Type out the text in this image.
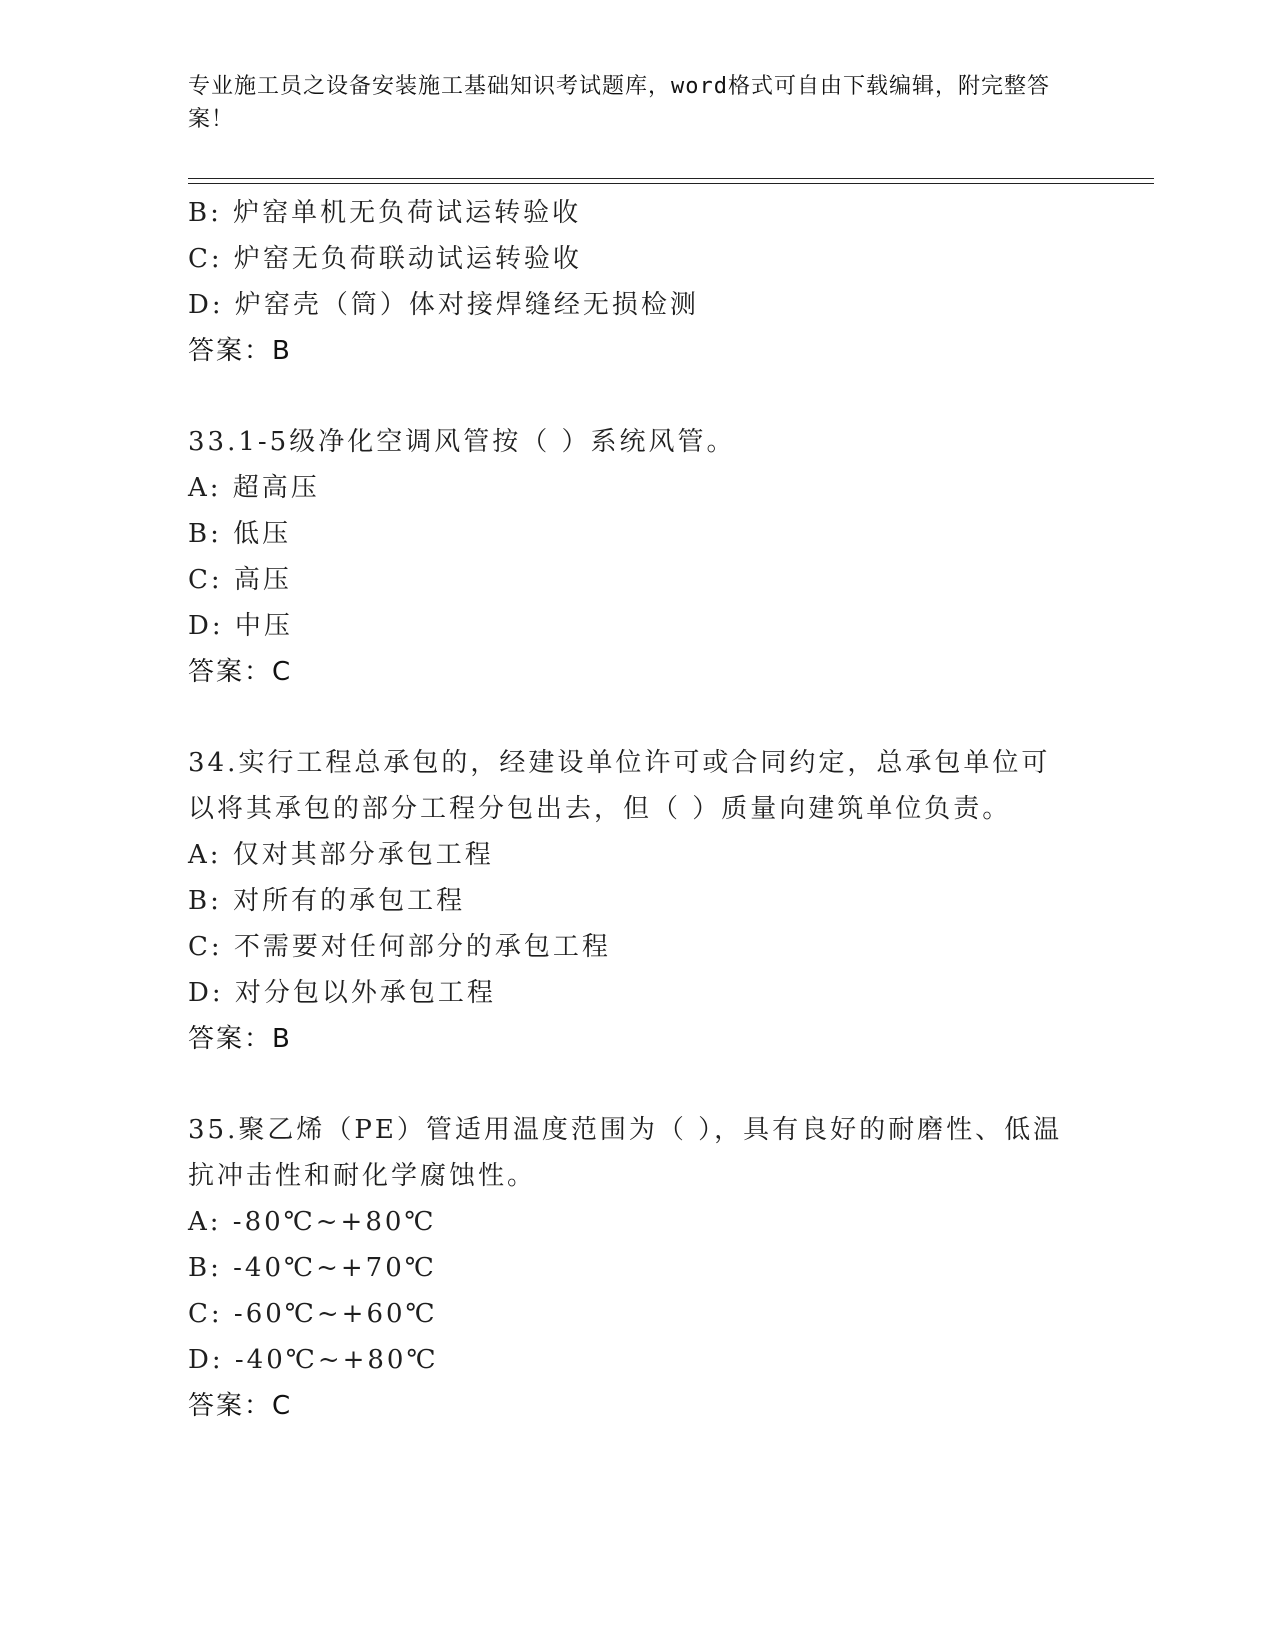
专业施工员之设备安装施工基础知识考试题库，word格式可自由下载编辑，附完整答案！
B: 炉窑单机无负荷试运转验收
C: 炉窑无负荷联动试运转验收
D: 炉窑壳（筒）体对接焊缝经无损检测
答案：B
33.1-5级净化空调风管按（ ）系统风管。
A: 超高压
B: 低压
C: 高压
D: 中压
答案：C
34.实行工程总承包的，经建设单位许可或合同约定，总承包单位可以将其承包的部分工程分包出去，但（ ）质量向建筑单位负责。
A: 仅对其部分承包工程
B: 对所有的承包工程
C: 不需要对任何部分的承包工程
D: 对分包以外承包工程
答案：B
35.聚乙烯（PE）管适用温度范围为（ ），具有良好的耐磨性、低温抗冲击性和耐化学腐蚀性。
A: -80℃~+80℃
B: -40℃~+70℃
C: -60℃~+60℃
D: -40℃~+80℃
答案：C
